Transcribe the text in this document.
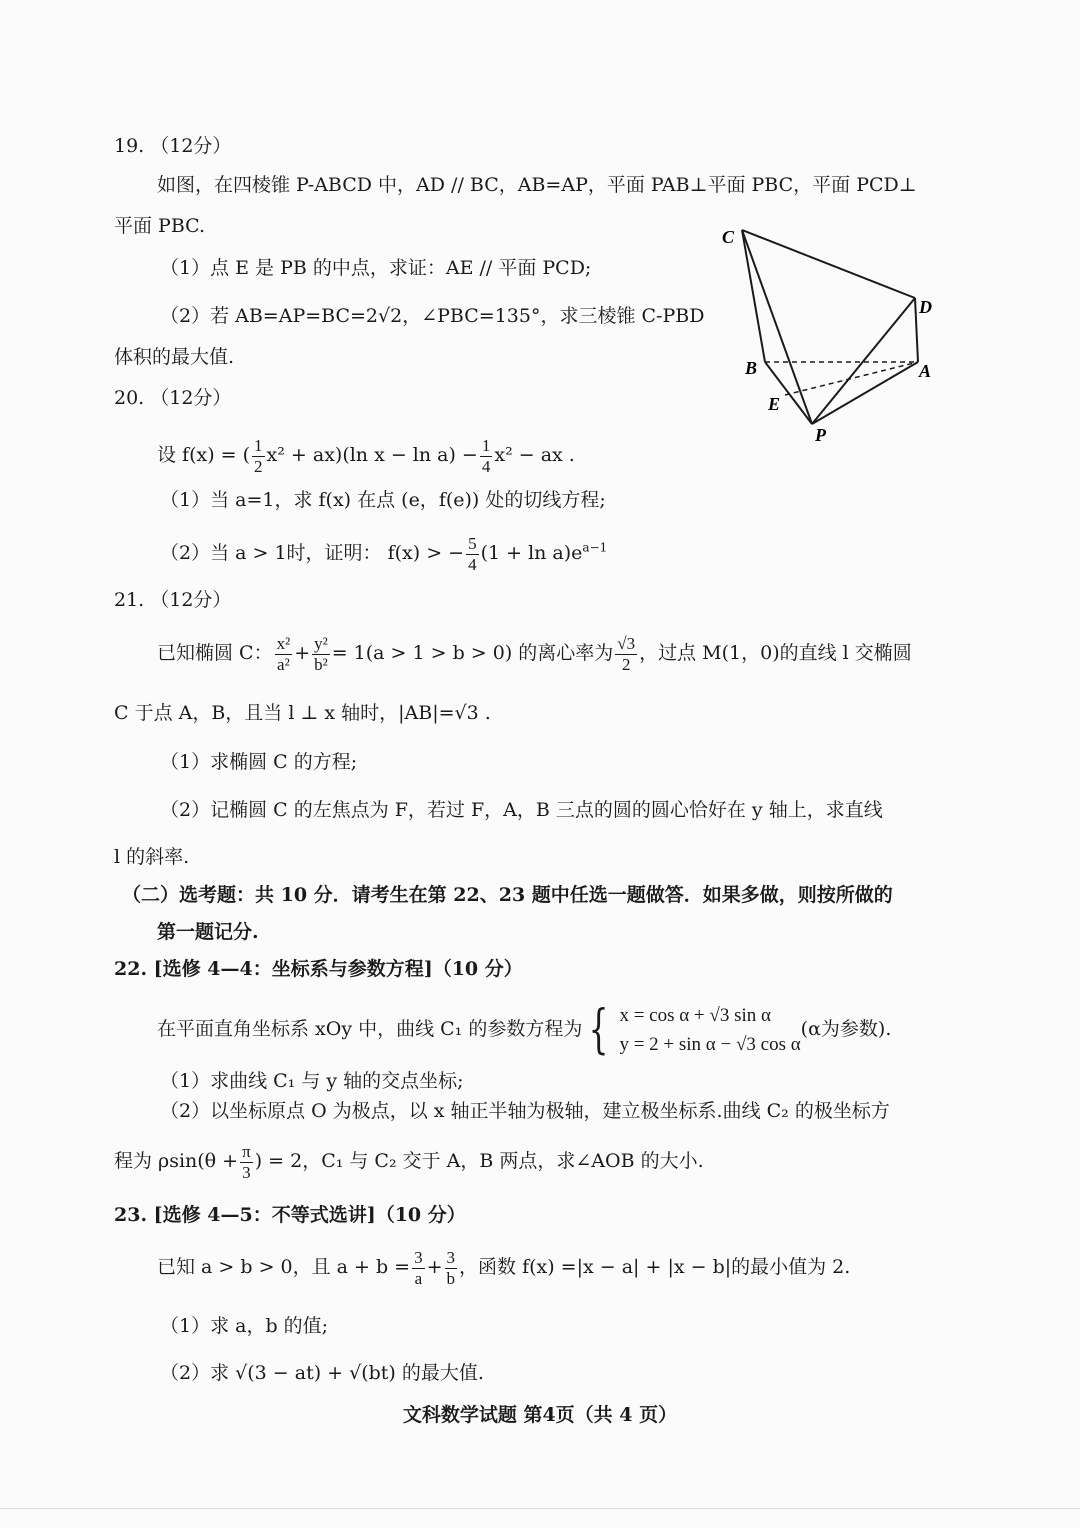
19. （12分）
如图，在四棱锥 P-ABCD 中，AD // BC，AB=AP，平面 PAB⊥平面 PBC，平面 PCD⊥
平面 PBC.
（1）点 E 是 PB 的中点，求证：AE // 平面 PCD;
（2）若 AB=AP=BC=2√2，∠PBC=135°，求三棱锥 C-PBD
体积的最大值.
C
D
B	A
E
P
20. （12分）
设 f(x) = ( $\frac{1}{2} x^2 + ax)(\ln$ $x - \ln a) - \frac{1}{4} x^2$ − ax .
（1）当 a=1，求 f(x) 在点 (e，f(e)) 处的切线方程;
（2）当 a > 1时，证明： f(x) > − $\frac{5}{4} (1 + \ln a)e^{a-1}$
21. （12分）
已知椭圆 C： $\frac{\text{x²}}{\text{a²}} + \frac{\text{y²}}{\text{b²}} = 1(a > 1 > b > 0)$ 的离心率为 $\frac{√3}{2}$ ，过点 M(1，0)的直线 l 交椭圆
C 于点 A，B，且当 l ⊥ x 轴时，|AB|=√3 .
（1）求椭圆 C 的方程;
（2）记椭圆 C 的左焦点为 F，若过 F，A，B 三点的圆的圆心恰好在 y 轴上，求直线
l 的斜率.
（二）选考题：共 10 分．请考生在第 22、23 题中任选一题做答．如果多做，则按所做的
第一题记分.
22. [选修 4—4：坐标系与参数方程]（10 分）
在平面直角坐标系 xOy 中，曲线 C₁ 的参数方程为 { x = cos α + √3 sin α
y = 2 + sin α − √3 cos α
(α为参数).
（1）求曲线 C₁ 与 y 轴的交点坐标;
（2）以坐标原点 O 为极点，以 x 轴正半轴为极轴，建立极坐标系.曲线 C₂ 的极坐标方
程为 $\rho\sin(\theta + \frac{\pi}{3}$ ) = 2，C₁ 与 C₂ 交于 A，B 两点，求∠AOB 的大小.
23. [选修 4—5：不等式选讲]（10 分）
已知 a > b > 0，且 $a + b = \frac{3}{a} + \frac{3}{b}$ ，函数 f(x) =|x − a| + |x − b|的最小值为 2.
（1）求 a，b 的值;
（2）求 √(3 − at) + √(bt) 的最大值.
文科数学试题 第4页（共 4 页）
